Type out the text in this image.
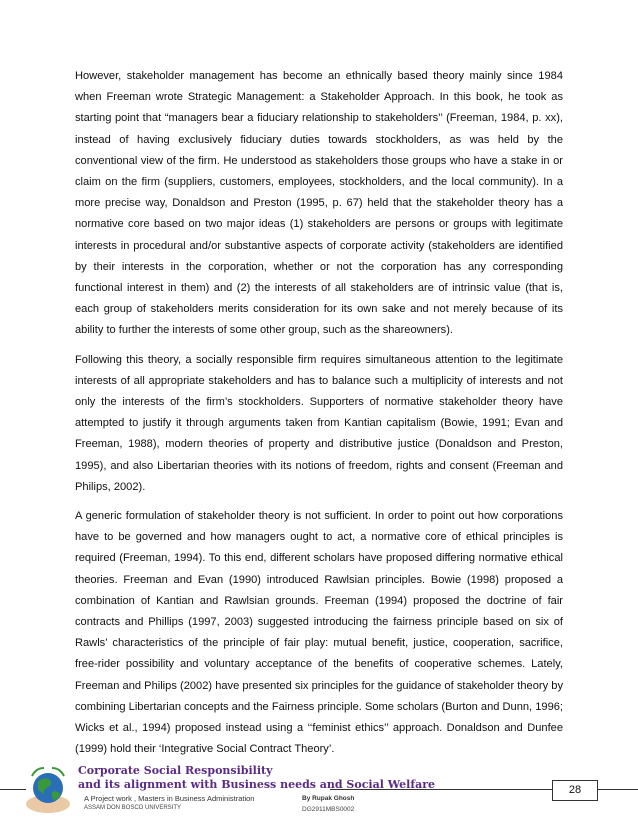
However, stakeholder management has become an ethnically based theory mainly since 1984 when Freeman wrote Strategic Management: a Stakeholder Approach. In this book, he took as starting point that “managers bear a fiduciary relationship to stakeholders’’ (Freeman, 1984, p. xx), instead of having exclusively fiduciary duties towards stockholders, as was held by the conventional view of the firm. He understood as stakeholders those groups who have a stake in or claim on the firm (suppliers, customers, employees, stockholders, and the local community). In a more precise way, Donaldson and Preston (1995, p. 67) held that the stakeholder theory has a normative core based on two major ideas (1) stakeholders are persons or groups with legitimate interests in procedural and/or substantive aspects of corporate activity (stakeholders are identified by their interests in the corporation, whether or not the corporation has any corresponding functional interest in them) and (2) the interests of all stakeholders are of intrinsic value (that is, each group of stakeholders merits consideration for its own sake and not merely because of its ability to further the interests of some other group, such as the shareowners).

Following this theory, a socially responsible firm requires simultaneous attention to the legitimate interests of all appropriate stakeholders and has to balance such a multiplicity of interests and not only the interests of the firm’s stockholders. Supporters of normative stakeholder theory have attempted to justify it through arguments taken from Kantian capitalism (Bowie, 1991; Evan and Freeman, 1988), modern theories of property and distributive justice (Donaldson and Preston, 1995), and also Libertarian theories with its notions of freedom, rights and consent (Freeman and Philips, 2002).

A generic formulation of stakeholder theory is not sufficient. In order to point out how corporations have to be governed and how managers ought to act, a normative core of ethical principles is required (Freeman, 1994). To this end, different scholars have proposed differing normative ethical theories. Freeman and Evan (1990) introduced Rawlsian principles. Bowie (1998) proposed a combination of Kantian and Rawlsian grounds. Freeman (1994) proposed the doctrine of fair contracts and Phillips (1997, 2003) suggested introducing the fairness principle based on six of Rawls’ characteristics of the principle of fair play: mutual benefit, justice, cooperation, sacrifice, free-rider possibility and voluntary acceptance of the benefits of cooperative schemes. Lately, Freeman and Philips (2002) have presented six principles for the guidance of stakeholder theory by combining Libertarian concepts and the Fairness principle. Some scholars (Burton and Dunn, 1996; Wicks et al., 1994) proposed instead using a ‘‘feminist ethics’’ approach. Donaldson and Dunfee (1999) hold their ‘Integrative Social Contract Theory’.

Corporate Social Responsibility
and its alignment with Business needs and Social Welfare
A Project work , Masters in Business Administration
ASSAM DON BOSCO UNIVERSITY
By Rupak Ghosh
DG2911MBS0002
28
